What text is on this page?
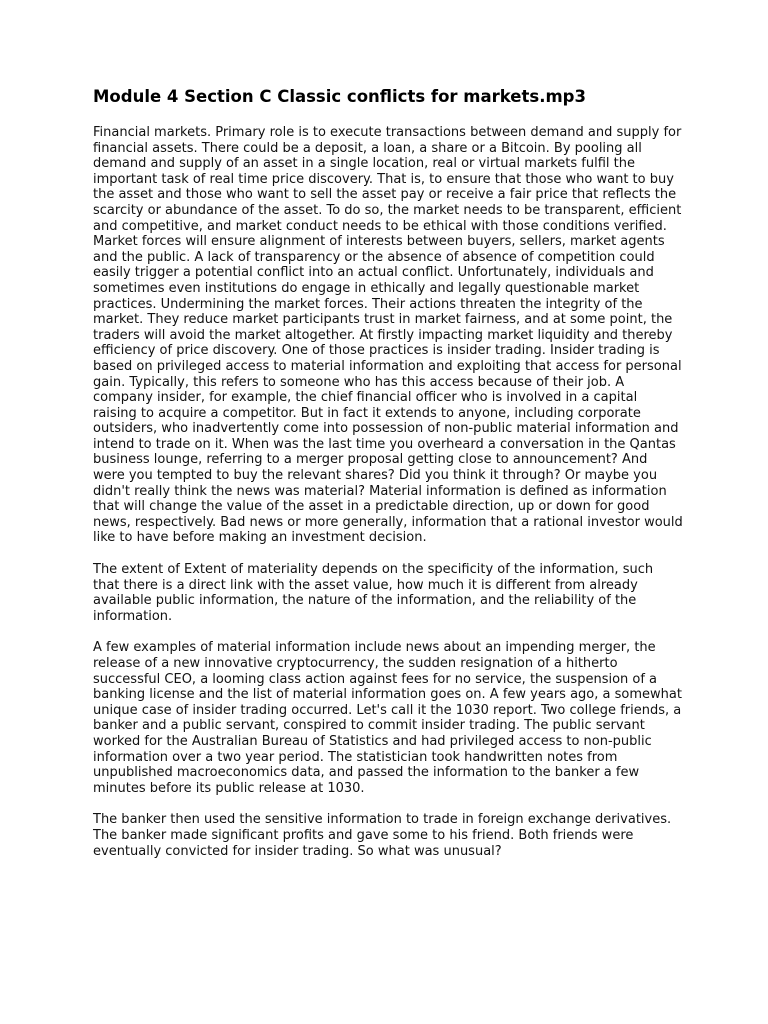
Module 4 Section C Classic conflicts for markets.mp3

Financial markets. Primary role is to execute transactions between demand and supply for financial assets. There could be a deposit, a loan, a share or a Bitcoin. By pooling all demand and supply of an asset in a single location, real or virtual markets fulfil the important task of real time price discovery. That is, to ensure that those who want to buy the asset and those who want to sell the asset pay or receive a fair price that reflects the scarcity or abundance of the asset. To do so, the market needs to be transparent, efficient and competitive, and market conduct needs to be ethical with those conditions verified. Market forces will ensure alignment of interests between buyers, sellers, market agents and the public. A lack of transparency or the absence of absence of competition could easily trigger a potential conflict into an actual conflict. Unfortunately, individuals and sometimes even institutions do engage in ethically and legally questionable market practices. Undermining the market forces. Their actions threaten the integrity of the market. They reduce market participants trust in market fairness, and at some point, the traders will avoid the market altogether. At firstly impacting market liquidity and thereby efficiency of price discovery. One of those practices is insider trading. Insider trading is based on privileged access to material information and exploiting that access for personal gain. Typically, this refers to someone who has this access because of their job. A company insider, for example, the chief financial officer who is involved in a capital raising to acquire a competitor. But in fact it extends to anyone, including corporate outsiders, who inadvertently come into possession of non-public material information and intend to trade on it. When was the last time you overheard a conversation in the Qantas business lounge, referring to a merger proposal getting close to announcement? And were you tempted to buy the relevant shares? Did you think it through? Or maybe you didn't really think the news was material? Material information is defined as information that will change the value of the asset in a predictable direction, up or down for good news, respectively. Bad news or more generally, information that a rational investor would like to have before making an investment decision.

The extent of Extent of materiality depends on the specificity of the information, such that there is a direct link with the asset value, how much it is different from already available public information, the nature of the information, and the reliability of the information.

A few examples of material information include news about an impending merger, the release of a new innovative cryptocurrency, the sudden resignation of a hitherto successful CEO, a looming class action against fees for no service, the suspension of a banking license and the list of material information goes on. A few years ago, a somewhat unique case of insider trading occurred. Let's call it the 1030 report. Two college friends, a banker and a public servant, conspired to commit insider trading. The public servant worked for the Australian Bureau of Statistics and had privileged access to non-public information over a two year period. The statistician took handwritten notes from unpublished macroeconomics data, and passed the information to the banker a few minutes before its public release at 1030.

The banker then used the sensitive information to trade in foreign exchange derivatives. The banker made significant profits and gave some to his friend. Both friends were eventually convicted for insider trading. So what was unusual?
